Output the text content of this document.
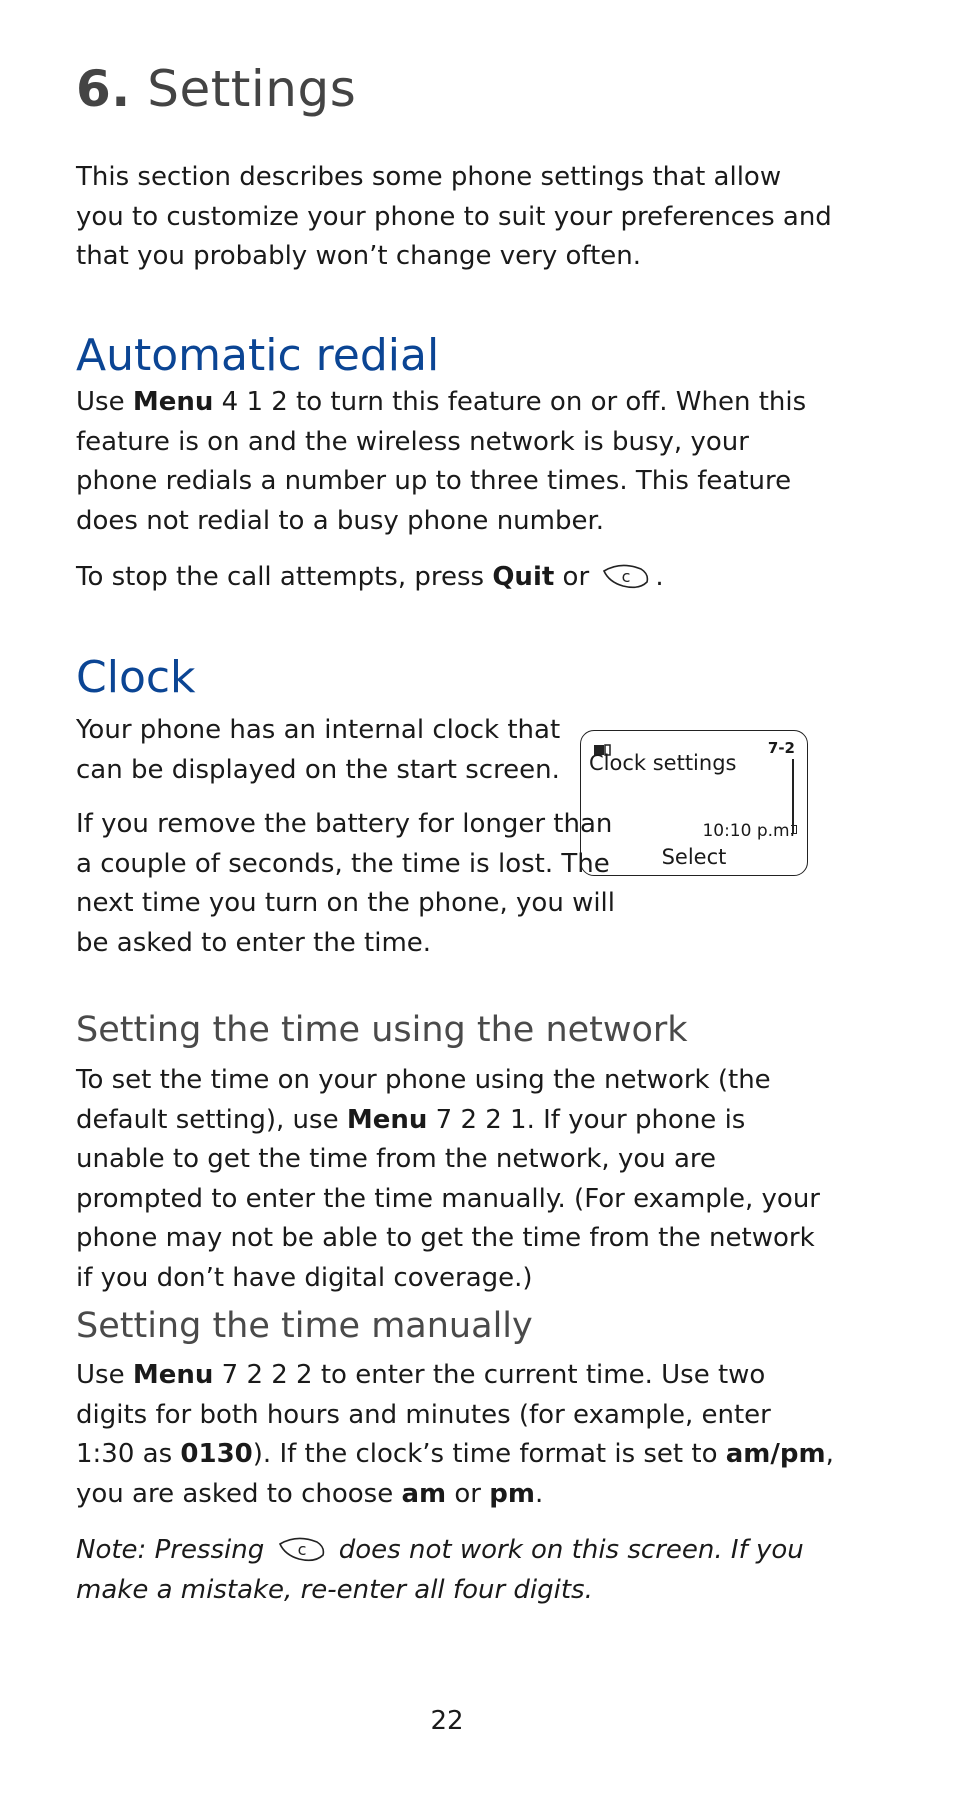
6. Settings

This section describes some phone settings that allow you to customize your phone to suit your preferences and that you probably won’t change very often.

Automatic redial

Use Menu 4 1 2 to turn this feature on or off. When this feature is on and the wireless network is busy, your phone redials a number up to three times. This feature does not redial to a busy phone number.

To stop the call attempts, press Quit or c .

Clock

Your phone has an internal clock that can be displayed on the start screen.

7-2
Clock settings
10:10 p.m.
Select

If you remove the battery for longer than a couple of seconds, the time is lost. The next time you turn on the phone, you will be asked to enter the time.

Setting the time using the network

To set the time on your phone using the network (the default setting), use Menu 7 2 2 1. If your phone is unable to get the time from the network, you are prompted to enter the time manually. (For example, your phone may not be able to get the time from the network if you don’t have digital coverage.)

Setting the time manually

Use Menu 7 2 2 2 to enter the current time. Use two digits for both hours and minutes (for example, enter 1:30 as 0130). If the clock’s time format is set to am/pm, you are asked to choose am or pm.

Note: Pressing c does not work on this screen. If you make a mistake, re-enter all four digits.

22
